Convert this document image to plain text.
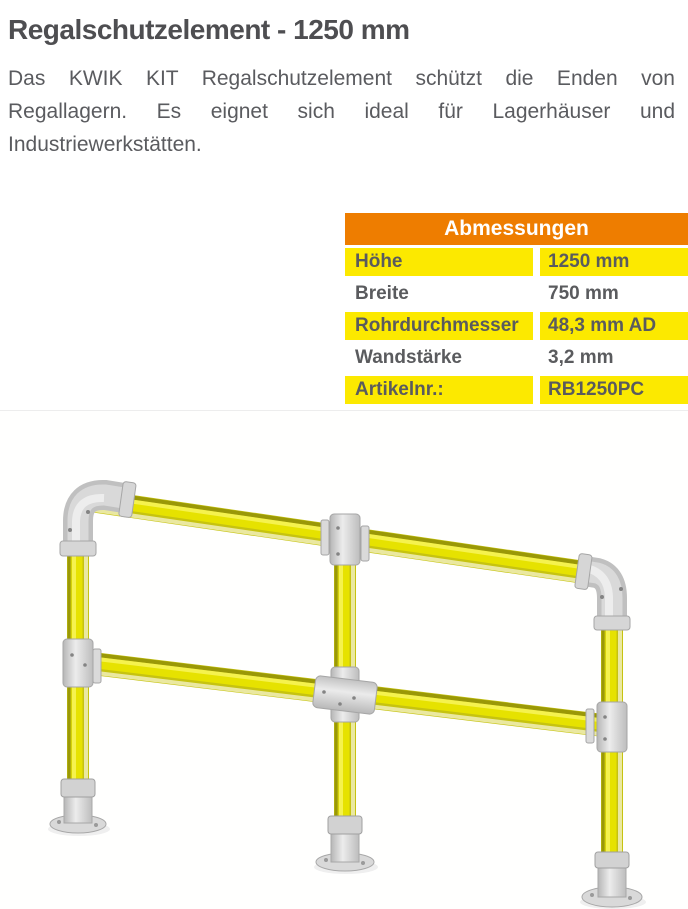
Regalschutzelement - 1250 mm

Das KWIK KIT Regalschutzelement schützt die Enden von Regallagern. Es eignet sich ideal für Lagerhäuser und Industriewerkstätten.

Abmessungen
Höhe	1250 mm
Breite	750 mm
Rohrdurchmesser	48,3 mm AD
Wandstärke	3,2 mm
Artikelnr.:	RB1250PC
